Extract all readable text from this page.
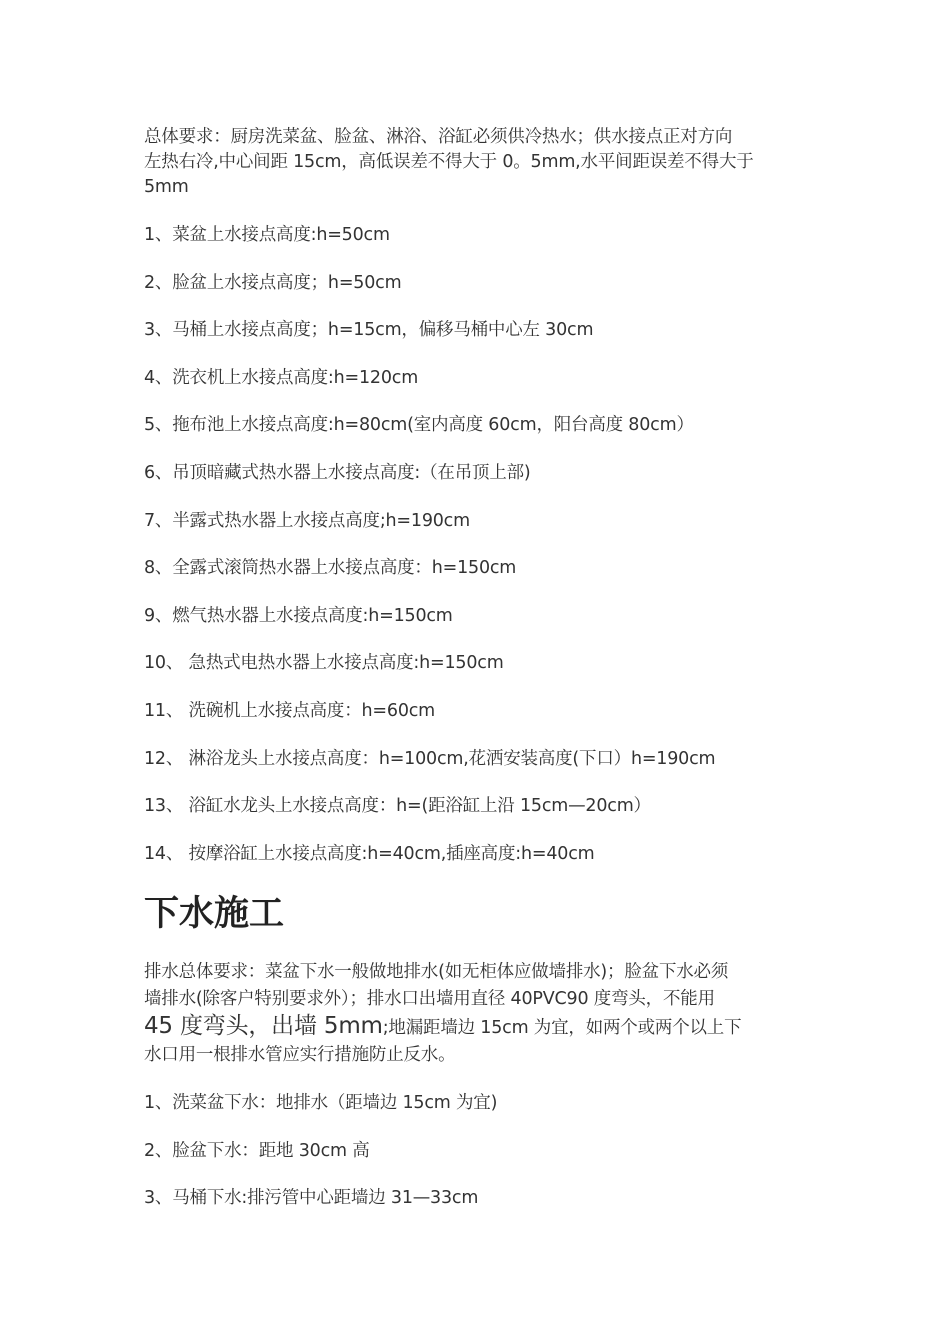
总体要求：厨房洗菜盆、脸盆、淋浴、浴缸必须供冷热水；供水接点正对方向
左热右冷,中心间距 15cm，高低误差不得大于 0。5mm,水平间距误差不得大于
5mm
1、菜盆上水接点高度:h=50cm
2、脸盆上水接点高度；h=50cm
3、马桶上水接点高度；h=15cm，偏移马桶中心左 30cm
4、洗衣机上水接点高度:h=120cm
5、拖布池上水接点高度:h=80cm(室内高度 60cm，阳台高度 80cm）
6、吊顶暗藏式热水器上水接点高度:（在吊顶上部)
7、半露式热水器上水接点高度;h=190cm
8、全露式滚筒热水器上水接点高度：h=150cm
9、燃气热水器上水接点高度:h=150cm
10、 急热式电热水器上水接点高度:h=150cm
11、 洗碗机上水接点高度：h=60cm
12、 淋浴龙头上水接点高度：h=100cm,花洒安装高度(下口）h=190cm
13、 浴缸水龙头上水接点高度：h=(距浴缸上沿 15cm—20cm）
14、 按摩浴缸上水接点高度:h=40cm,插座高度:h=40cm
下水施工
排水总体要求：菜盆下水一般做地排水(如无柜体应做墙排水)；脸盆下水必须
墙排水(除客户特别要求外）；排水口出墙用直径 40PVC90 度弯头，不能用
45 度弯头，出墙 5mm;地漏距墙边 15cm 为宜，如两个或两个以上下
水口用一根排水管应实行措施防止反水。
1、洗菜盆下水：地排水（距墙边 15cm 为宜)
2、脸盆下水：距地 30cm 高
3、马桶下水:排污管中心距墙边 31—33cm
